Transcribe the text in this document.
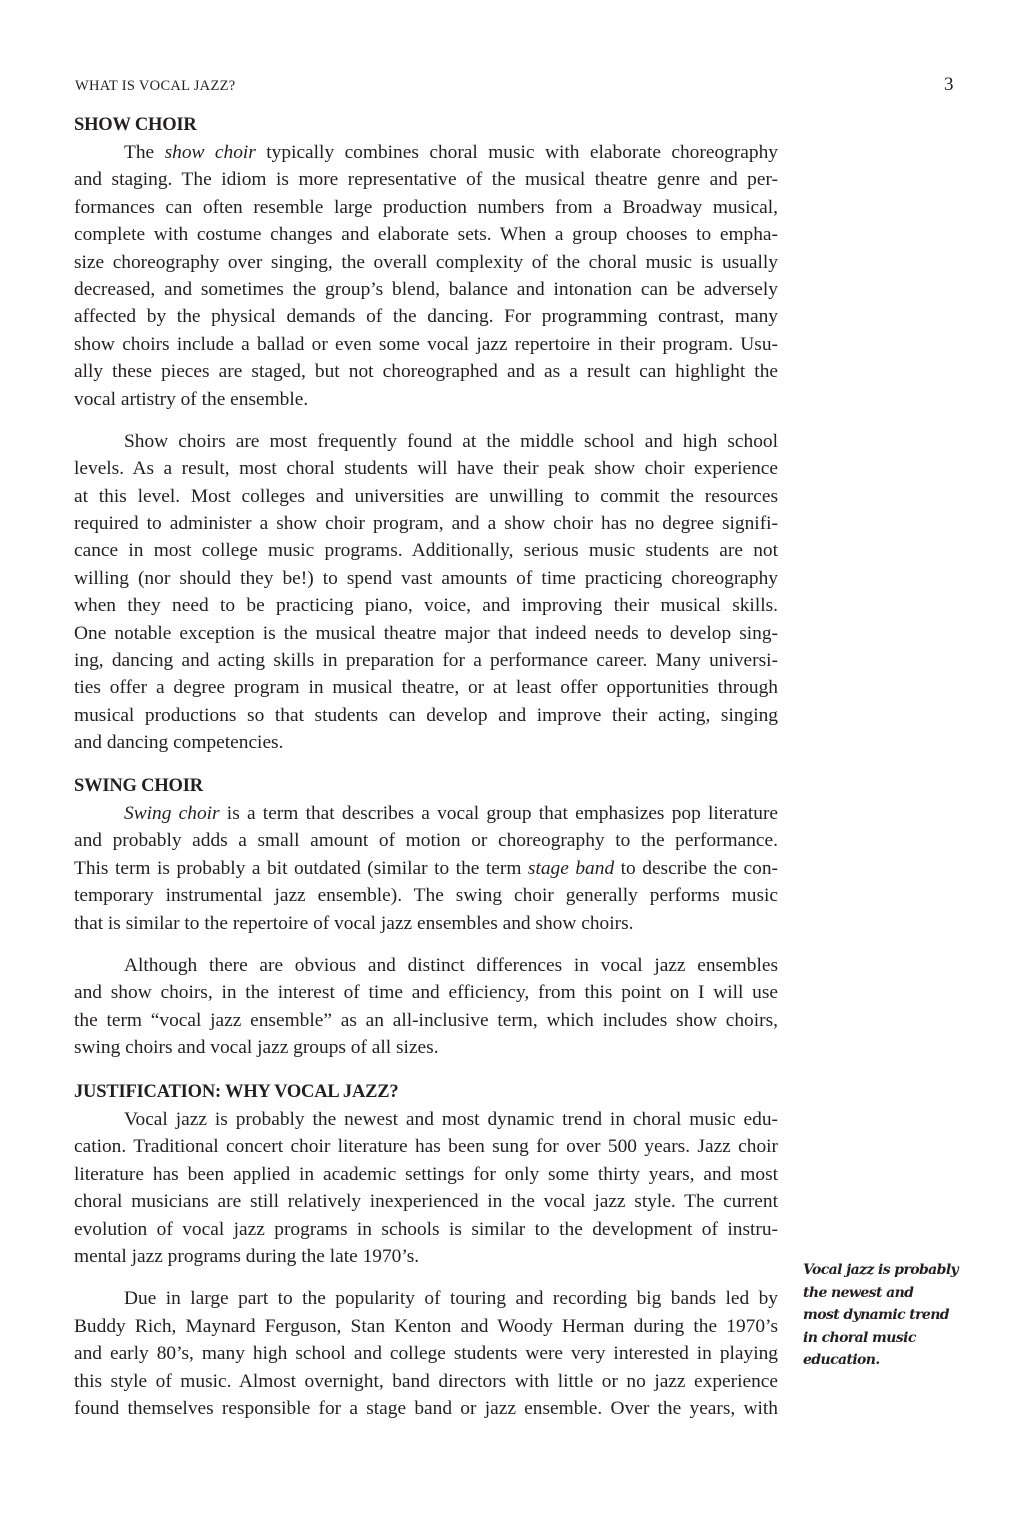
WHAT IS VOCAL JAZZ?	3
SHOW CHOIR
The show choir typically combines choral music with elaborate choreography
and staging. The idiom is more representative of the musical theatre genre and per-
formances can often resemble large production numbers from a Broadway musical,
complete with costume changes and elaborate sets. When a group chooses to empha-
size choreography over singing, the overall complexity of the choral music is usually
decreased, and sometimes the group’s blend, balance and intonation can be adversely
affected by the physical demands of the dancing. For programming contrast, many
show choirs include a ballad or even some vocal jazz repertoire in their program. Usu-
ally these pieces are staged, but not choreographed and as a result can highlight the
vocal artistry of the ensemble.
Show choirs are most frequently found at the middle school and high school
levels. As a result, most choral students will have their peak show choir experience
at this level. Most colleges and universities are unwilling to commit the resources
required to administer a show choir program, and a show choir has no degree signifi-
cance in most college music programs. Additionally, serious music students are not
willing (nor should they be!) to spend vast amounts of time practicing choreography
when they need to be practicing piano, voice, and improving their musical skills.
One notable exception is the musical theatre major that indeed needs to develop sing-
ing, dancing and acting skills in preparation for a performance career. Many universi-
ties offer a degree program in musical theatre, or at least offer opportunities through
musical productions so that students can develop and improve their acting, singing
and dancing competencies.
SWING CHOIR
Swing choir is a term that describes a vocal group that emphasizes pop literature
and probably adds a small amount of motion or choreography to the performance.
This term is probably a bit outdated (similar to the term stage band to describe the con-
temporary instrumental jazz ensemble). The swing choir generally performs music
that is similar to the repertoire of vocal jazz ensembles and show choirs.
Although there are obvious and distinct differences in vocal jazz ensembles
and show choirs, in the interest of time and efficiency, from this point on I will use
the term “vocal jazz ensemble” as an all-inclusive term, which includes show choirs,
swing choirs and vocal jazz groups of all sizes.
JUSTIFICATION: WHY VOCAL JAZZ?
Vocal jazz is probably the newest and most dynamic trend in choral music edu-
cation. Traditional concert choir literature has been sung for over 500 years. Jazz choir
literature has been applied in academic settings for only some thirty years, and most
choral musicians are still relatively inexperienced in the vocal jazz style. The current
evolution of vocal jazz programs in schools is similar to the development of instru-
mental jazz programs during the late 1970’s.
Due in large part to the popularity of touring and recording big bands led by
Buddy Rich, Maynard Ferguson, Stan Kenton and Woody Herman during the 1970’s
and early 80’s, many high school and college students were very interested in playing
this style of music. Almost overnight, band directors with little or no jazz experience
found themselves responsible for a stage band or jazz ensemble. Over the years, with
Vocal jazz is probably
the newest and
most dynamic trend
in choral music
education.
